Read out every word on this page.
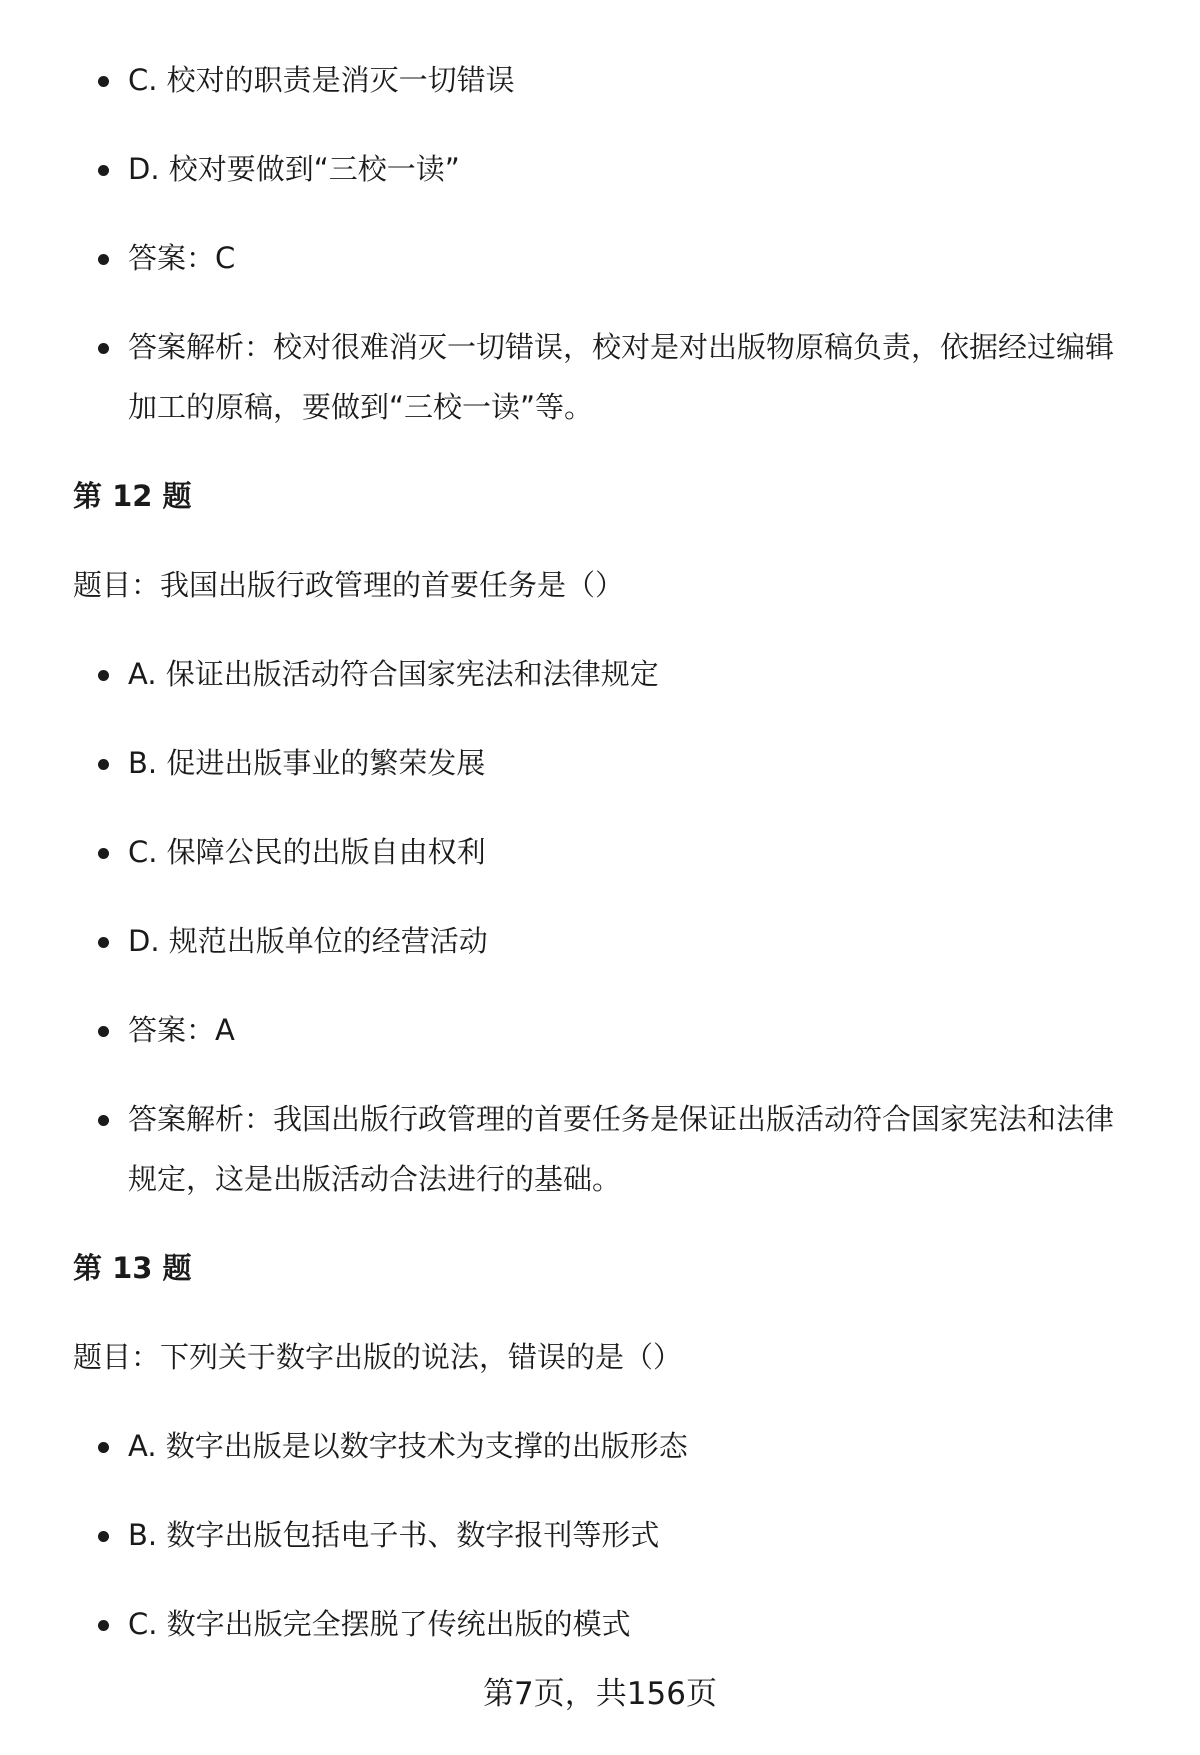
C. 校对的职责是消灭一切错误
D. 校对要做到“三校一读”
答案：C
答案解析：校对很难消灭一切错误，校对是对出版物原稿负责，依据经过编辑
加工的原稿，要做到“三校一读”等。
第 12 题

题目：我国出版行政管理的首要任务是（）

A. 保证出版活动符合国家宪法和法律规定
B. 促进出版事业的繁荣发展
C. 保障公民的出版自由权利
D. 规范出版单位的经营活动
答案：A
答案解析：我国出版行政管理的首要任务是保证出版活动符合国家宪法和法律
规定，这是出版活动合法进行的基础。
第 13 题

题目：下列关于数字出版的说法，错误的是（）

A. 数字出版是以数字技术为支撑的出版形态
B. 数字出版包括电子书、数字报刊等形式
C. 数字出版完全摆脱了传统出版的模式
第7页，共156页
